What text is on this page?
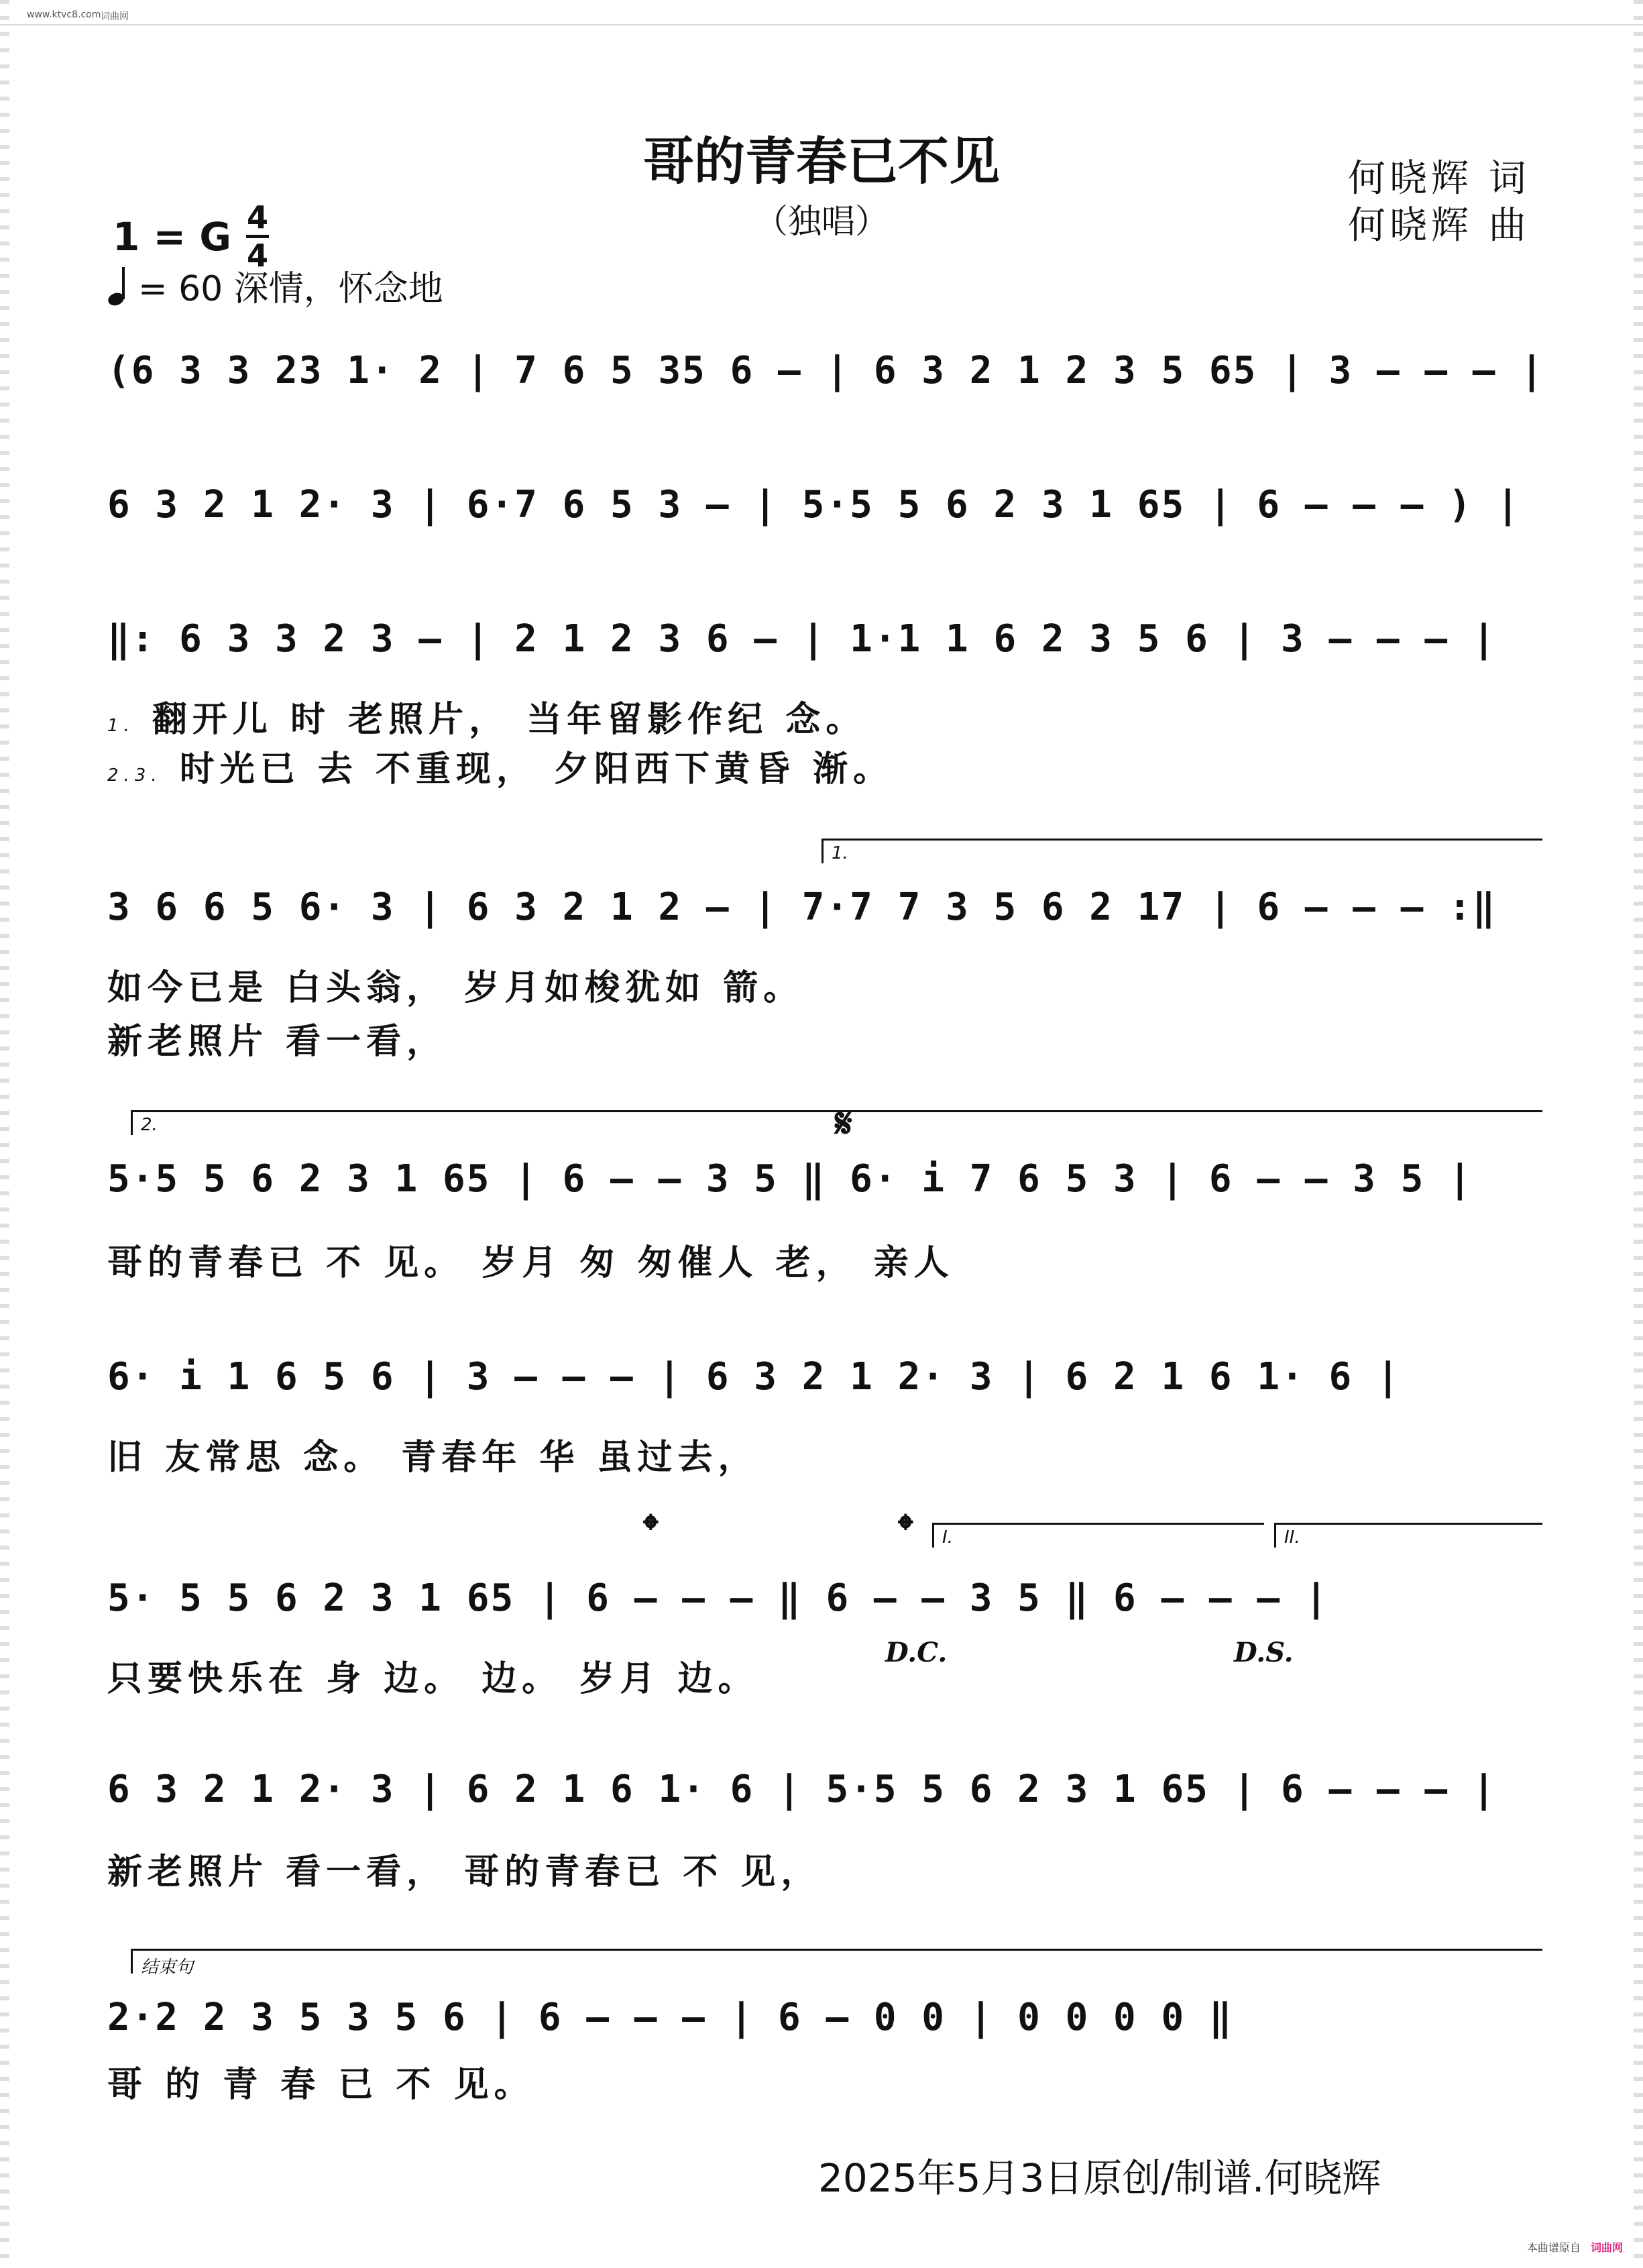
www.ktvc8.com 词曲网
哥的青春已不见
（独唱）
何晓辉 词
何晓辉 曲
1 = G 4
4
= 60 深情，怀念地
(6 3 3 23 1· 2 | 7 6 5 35 6 – | 6 3 2 1 2 3 5 65 | 3 – – – |
6 3 2 1 2· 3 | 6·7 6 5 3 – | 5·5 5 6 2 3 1 65 | 6 – – – ) |
‖: 6 3 3 2 3 – | 2 1 2 3 6 – | 1·1 1 6 2 3 5 6 | 3 – – – |
1. 翻开儿 时 老照片， 当年留影作纪 念。
2.3. 时光已 去 不重现， 夕阳西下黄昏 渐。
1.
3 6 6 5 6· 3 | 6 3 2 1 2 – | 7·7 7 3 5 6 2 17 | 6 – – – :‖
如今已是 白头翁， 岁月如梭犹如 箭。
新老照片 看一看，
2.	𝄋
5·5 5 6 2 3 1 65 | 6 – – 3 5 ‖ 6· i 7 6 5 3 | 6 – – 3 5 |
哥的青春已 不 见。 岁月 匆 匆催人 老， 亲人
6· i 1 6 5 6 | 3 – – – | 6 3 2 1 2· 3 | 6 2 1 6 1· 6 |
旧 友常思 念。 青春年 华 虽过去，
𝄌	𝄌	I.	II.
5· 5 5 6 2 3 1 65 | 6 – – – ‖ 6 – – 3 5 ‖ 6 – – – |
只要快乐在 身 边。 边。 岁月 边。
D.C.	D.S.
6 3 2 1 2· 3 | 6 2 1 6 1· 6 | 5·5 5 6 2 3 1 65 | 6 – – – |
新老照片 看一看， 哥的青春已 不 见，
结束句
2·2 2 3 5 3 5 6 | 6 – – – | 6 – 0 0 | 0 0 0 0 ‖
哥 的 青 春 已 不 见。
2025年5月3日原创/制谱.何晓辉
本曲谱原自 词曲网
